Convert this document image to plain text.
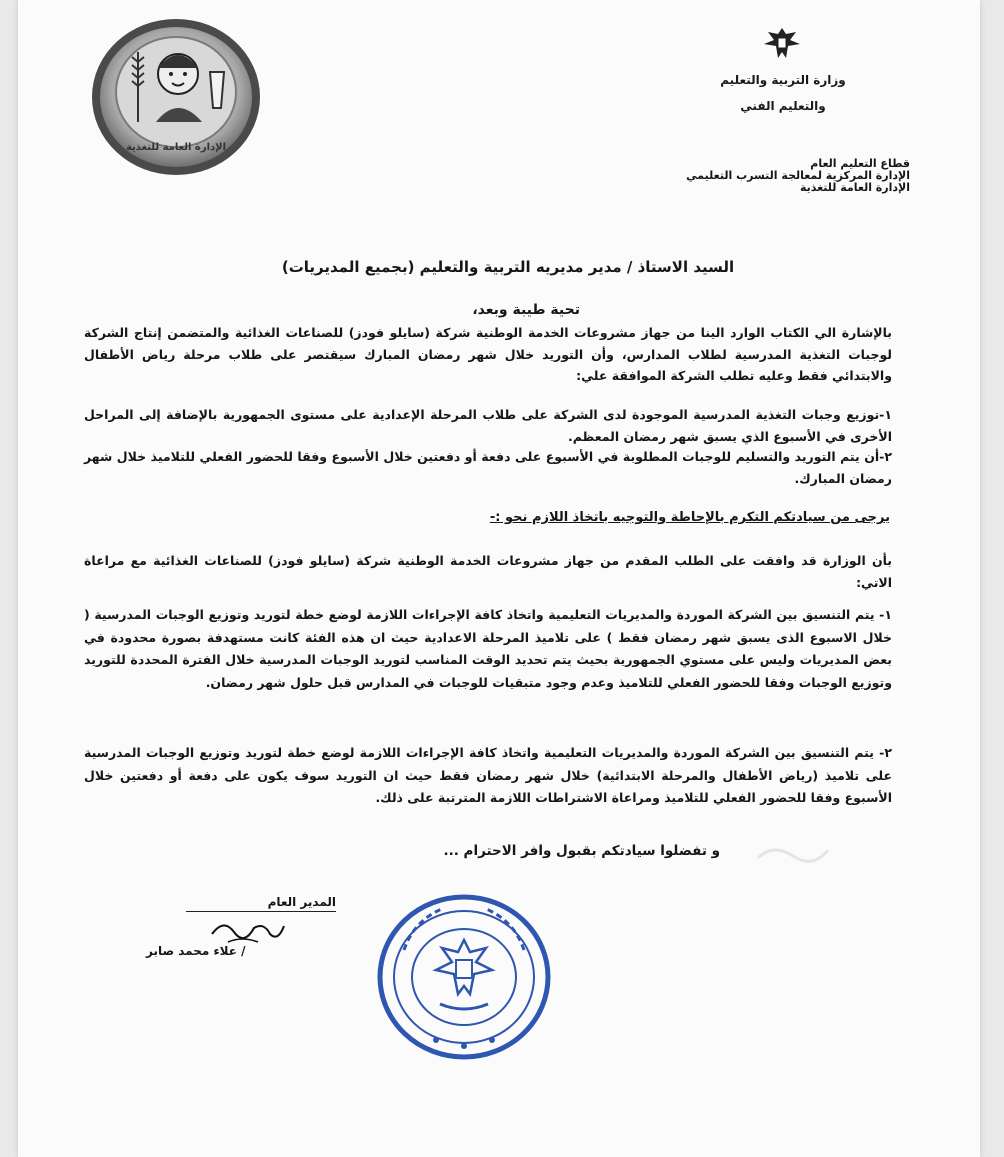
الإدارة العامة للتغذية
وزارة التربية والتعليم
والتعليم الفني
قطاع التعليم العام
الإدارة المركزية لمعالجة التسرب التعليمي
الإدارة العامة للتغذية
السيد الاستاذ / مدير مديريه التربية والتعليم (بجميع المديريات)
تحية طيبة وبعد،
بالإشارة الي الكتاب الوارد الينا من جهاز مشروعات الخدمة الوطنية شركة (سايلو فودز) للصناعات الغذائية والمتضمن إنتاج الشركة لوجبات التغذية المدرسية لطلاب المدارس، وأن التوريد خلال شهر رمضان المبارك سيقتصر على طلاب مرحلة رياض الأطفال والابتدائي فقط وعليه تطلب الشركة الموافقة علي:
١-توزيع وجبات التغذية المدرسية الموجودة لدى الشركة على طلاب المرحلة الإعدادية على مستوى الجمهورية بالإضافة إلى المراحل الأخرى في الأسبوع الذي يسبق شهر رمضان المعظم.
٢-أن يتم التوريد والتسليم للوجبات المطلوبة في الأسبوع على دفعة أو دفعتين خلال الأسبوع وفقا للحضور الفعلي للتلاميذ خلال شهر رمضان المبارك.
يرجى من سيادتكم التكرم بالإحاطة والتوجيه باتخاذ اللازم نحو :-
بأن الوزارة قد وافقت على الطلب المقدم من جهاز مشروعات الخدمة الوطنية شركة (سايلو فودز) للصناعات الغذائية مع مراعاة الاتي:
١- يتم التنسيق بين الشركة الموردة والمديريات التعليمية واتخاذ كافة الإجراءات اللازمة لوضع خطة لتوريد وتوزيع الوجبات المدرسية ( خلال الاسبوع الذى يسبق شهر رمضان فقط ) على تلاميذ المرحلة الاعدادية حيث ان هذه الفئة كانت مستهدفة بصورة محدودة في بعض المديريات وليس على مستوي الجمهورية بحيث يتم تحديد الوقت المناسب لتوريد الوجبات المدرسية خلال الفترة المحددة للتوريد وتوزيع الوجبات وفقا للحضور الفعلي للتلاميذ وعدم وجود متبقيات للوجبات في المدارس قبل حلول شهر رمضان.
٢- يتم التنسيق بين الشركة الموردة والمديريات التعليمية واتخاذ كافة الإجراءات اللازمة لوضع خطة لتوريد وتوزيع الوجبات المدرسية على تلاميذ (رياض الأطفال والمرحلة الابتدائية) خلال شهر رمضان فقط حيث ان التوريد سوف يكون على دفعة أو دفعتين خلال الأسبوع وفقا للحضور الفعلي للتلاميذ ومراعاة الاشتراطات اللازمة المترتبة على ذلك.
و تفضلوا سيادتكم بقبول وافر الاحترام ...
المدير العام
/ علاء محمد صابر
